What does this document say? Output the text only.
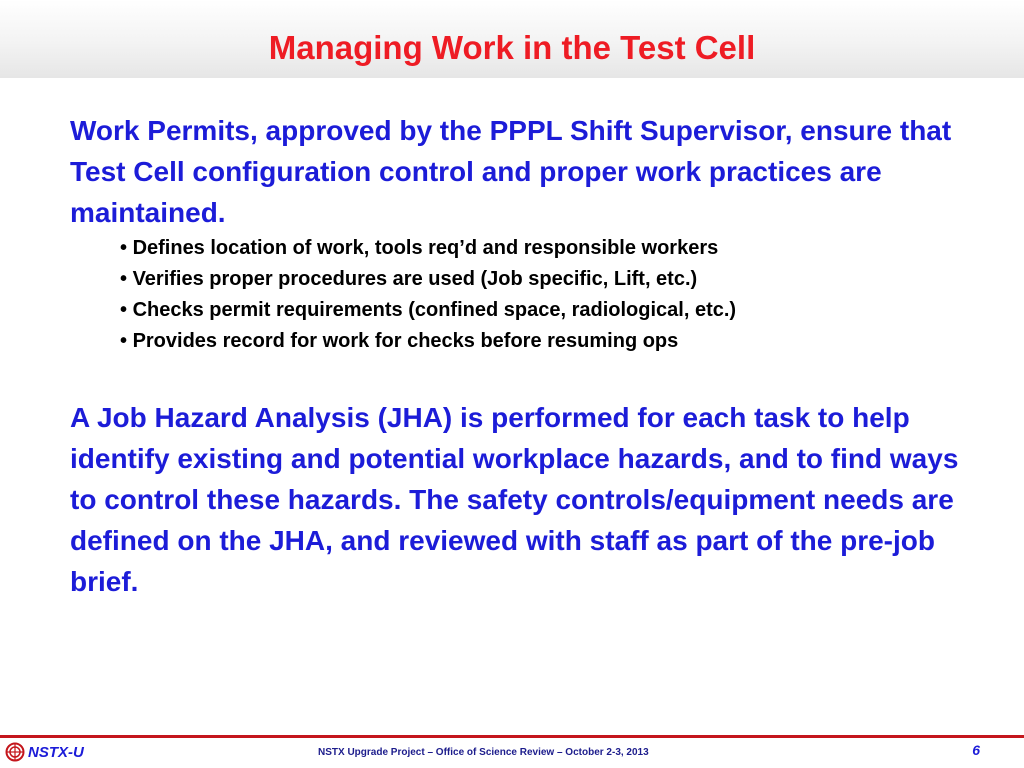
Managing Work in the Test Cell

Work Permits, approved by the PPPL Shift Supervisor, ensure that Test Cell configuration control and proper work practices are maintained.

• Defines location of work, tools req’d and responsible workers
• Verifies proper procedures are used (Job specific, Lift, etc.)
• Checks permit requirements (confined space, radiological, etc.)
• Provides record for work for checks before resuming ops

A Job Hazard Analysis (JHA) is performed for each task to help identify existing and potential workplace hazards, and to find ways to control these hazards. The safety controls/equipment needs are defined on the JHA, and reviewed with staff as part of the pre-job brief.

NSTX-U	NSTX Upgrade Project – Office of Science Review – October 2-3, 2013	6
